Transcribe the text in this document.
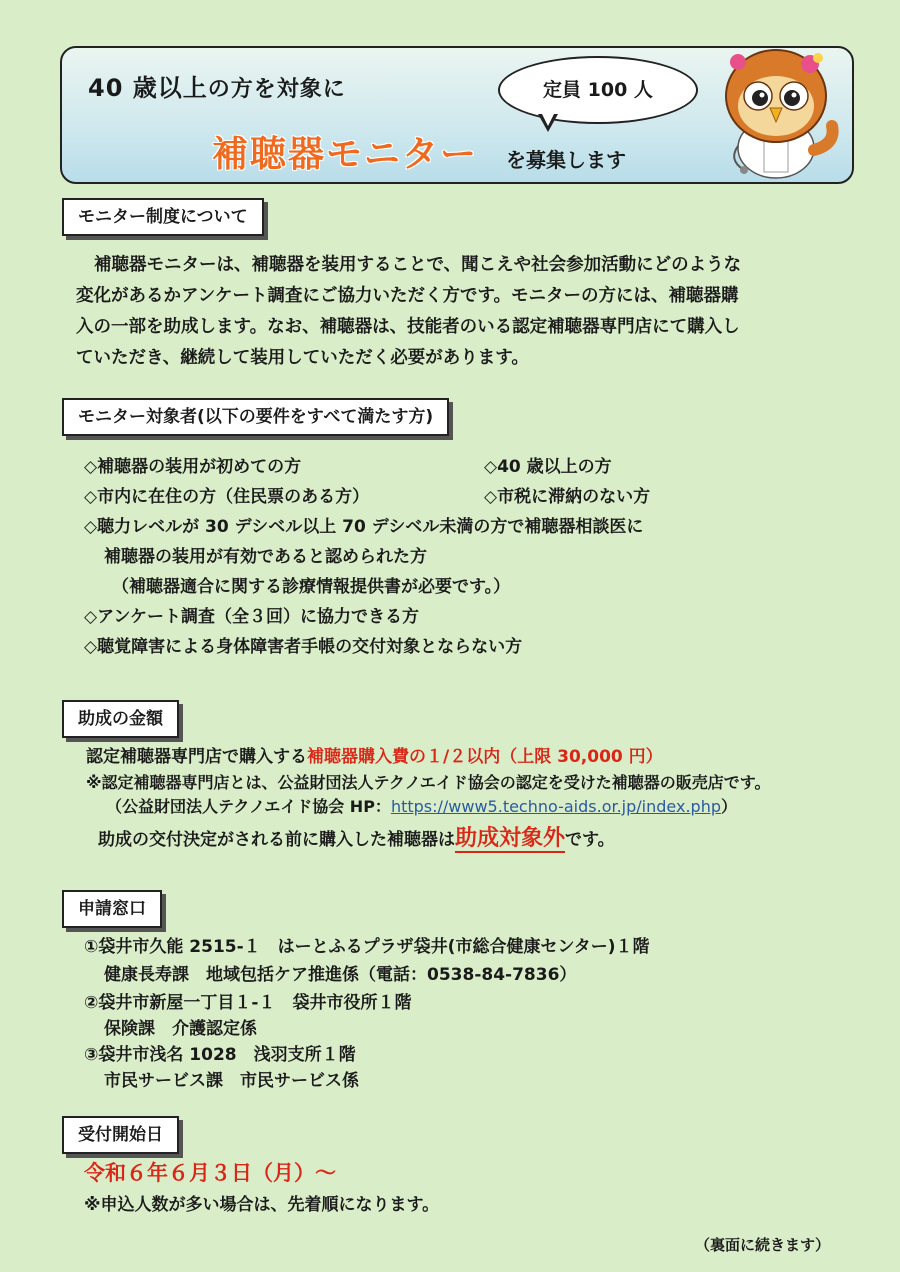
40 歳以上の方を対象に	定員 100 人
補聴器モニター を募集します
モニター制度について
補聴器モニターは、補聴器を装用することで、聞こえや社会参加活動にどのような
変化があるかアンケート調査にご協力いただく方です。モニターの方には、補聴器購
入の一部を助成します。なお、補聴器は、技能者のいる認定補聴器専門店にて購入し
ていただき、継続して装用していただく必要があります。
モニター対象者(以下の要件をすべて満たす方)
◇補聴器の装用が初めての方	◇40 歳以上の方
◇市内に在住の方（住民票のある方）	◇市税に滞納のない方
◇聴力レベルが 30 デシベル以上 70 デシベル未満の方で補聴器相談医に
補聴器の装用が有効であると認められた方
（補聴器適合に関する診療情報提供書が必要です。）
◇アンケート調査（全３回）に協力できる方
◇聴覚障害による身体障害者手帳の交付対象とならない方
助成の金額
認定補聴器専門店で購入する補聴器購入費の１/２以内（上限 30,000 円）
※認定補聴器専門店とは、公益財団法人テクノエイド協会の認定を受けた補聴器の販売店です。
（公益財団法人テクノエイド協会 HP：https://www5.techno-aids.or.jp/index.php）
助成の交付決定がされる前に購入した補聴器は助成対象外です。
申請窓口
①袋井市久能 2515-１　はーとふるプラザ袋井(市総合健康センター)１階
健康長寿課　地域包括ケア推進係（電話：0538-84-7836）
②袋井市新屋一丁目１-１　袋井市役所１階
保険課　介護認定係
③袋井市浅名 1028　浅羽支所１階
市民サービス課　市民サービス係
受付開始日
令和６年６月３日（月）～
※申込人数が多い場合は、先着順になります。
（裏面に続きます）
